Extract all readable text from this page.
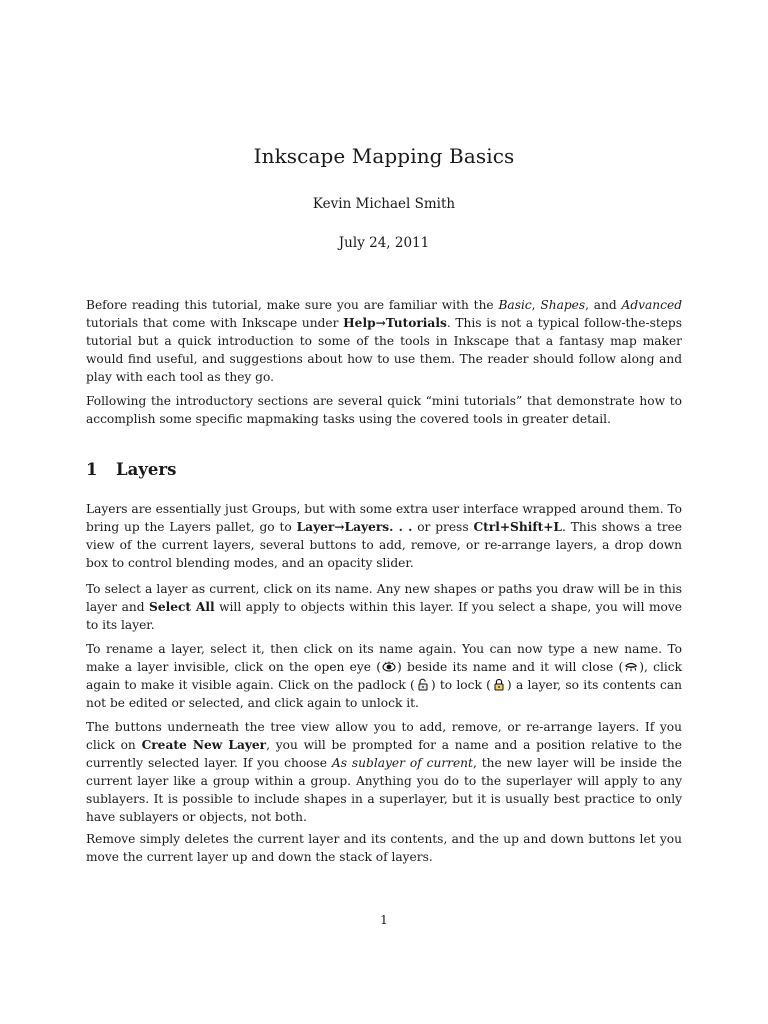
Inkscape Mapping Basics
Kevin Michael Smith
July 24, 2011

Before reading this tutorial, make sure you are familiar with the Basic, Shapes, and Advanced tutorials that come with Inkscape under Help→Tutorials. This is not a typical follow-the-steps tutorial but a quick introduction to some of the tools in Inkscape that a fantasy map maker would find useful, and suggestions about how to use them. The reader should follow along and play with each tool as they go.

Following the introductory sections are several quick “mini tutorials” that demonstrate how to accomplish some specific mapmaking tasks using the covered tools in greater detail.

1 Layers

Layers are essentially just Groups, but with some extra user interface wrapped around them. To bring up the Layers pallet, go to Layer→Layers. . . or press Ctrl+Shift+L. This shows a tree view of the current layers, several buttons to add, remove, or re-arrange layers, a drop down box to control blending modes, and an opacity slider.

To select a layer as current, click on its name. Any new shapes or paths you draw will be in this layer and Select All will apply to objects within this layer. If you select a shape, you will move to its layer.

To rename a layer, select it, then click on its name again. You can now type a new name. To make a layer invisible, click on the open eye ( ) beside its name and it will close ( ), click again to make it visible again. Click on the padlock ( ) to lock ( ) a layer, so its contents can not be edited or selected, and click again to unlock it.

The buttons underneath the tree view allow you to add, remove, or re-arrange layers. If you click on Create New Layer, you will be prompted for a name and a position relative to the currently selected layer. If you choose As sublayer of current, the new layer will be inside the current layer like a group within a group. Anything you do to the superlayer will apply to any sublayers. It is possible to include shapes in a superlayer, but it is usually best practice to only have sublayers or objects, not both.

Remove simply deletes the current layer and its contents, and the up and down buttons let you move the current layer up and down the stack of layers.

1
